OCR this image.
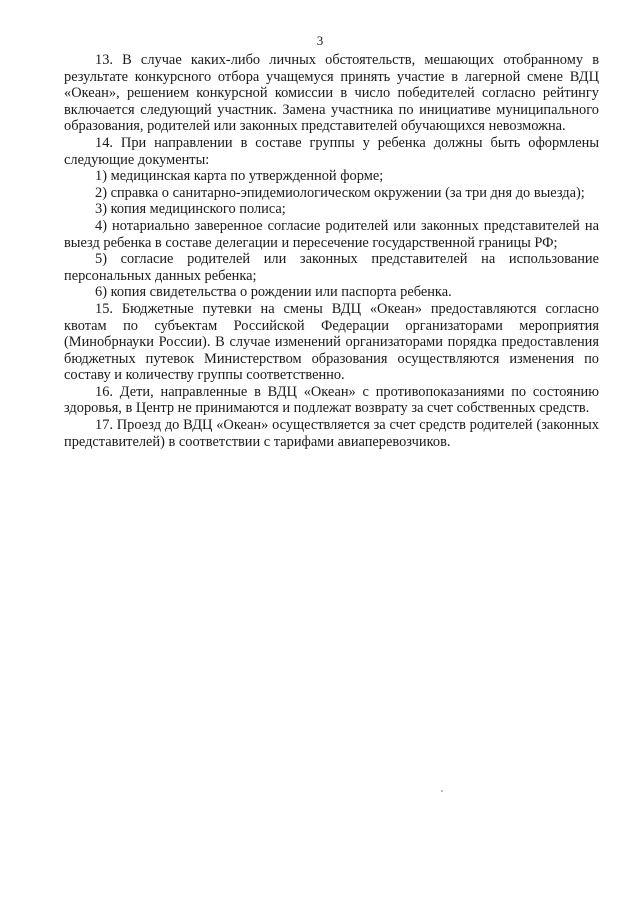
3

13. В случае каких-либо личных обстоятельств, мешающих отобранному в результате конкурсного отбора учащемуся принять участие в лагерной смене ВДЦ «Океан», решением конкурсной комиссии в число победителей согласно рейтингу включается следующий участник. Замена участника по инициативе муниципального образования, родителей или законных представителей обучающихся невозможна.

14. При направлении в составе группы у ребенка должны быть оформлены следующие документы:

1) медицинская карта по утвержденной форме;

2) справка о санитарно-эпидемиологическом окружении (за три дня до выезда);

3) копия медицинского полиса;

4) нотариально заверенное согласие родителей или законных представителей на выезд ребенка в составе делегации и пересечение государственной границы РФ;

5) согласие родителей или законных представителей на использование персональных данных ребенка;

6) копия свидетельства о рождении или паспорта ребенка.

15. Бюджетные путевки на смены ВДЦ «Океан» предоставляются согласно квотам по субъектам Российской Федерации организаторами мероприятия (Минобрнауки России). В случае изменений организаторами порядка предоставления бюджетных путевок Министерством образования осуществляются изменения по составу и количеству группы соответственно.

16. Дети, направленные в ВДЦ «Океан» с противопоказаниями по состоянию здоровья, в Центр не принимаются и подлежат возврату за счет собственных средств.

17. Проезд до ВДЦ «Океан» осуществляется за счет средств родителей (законных представителей) в соответствии с тарифами авиаперевозчиков.
